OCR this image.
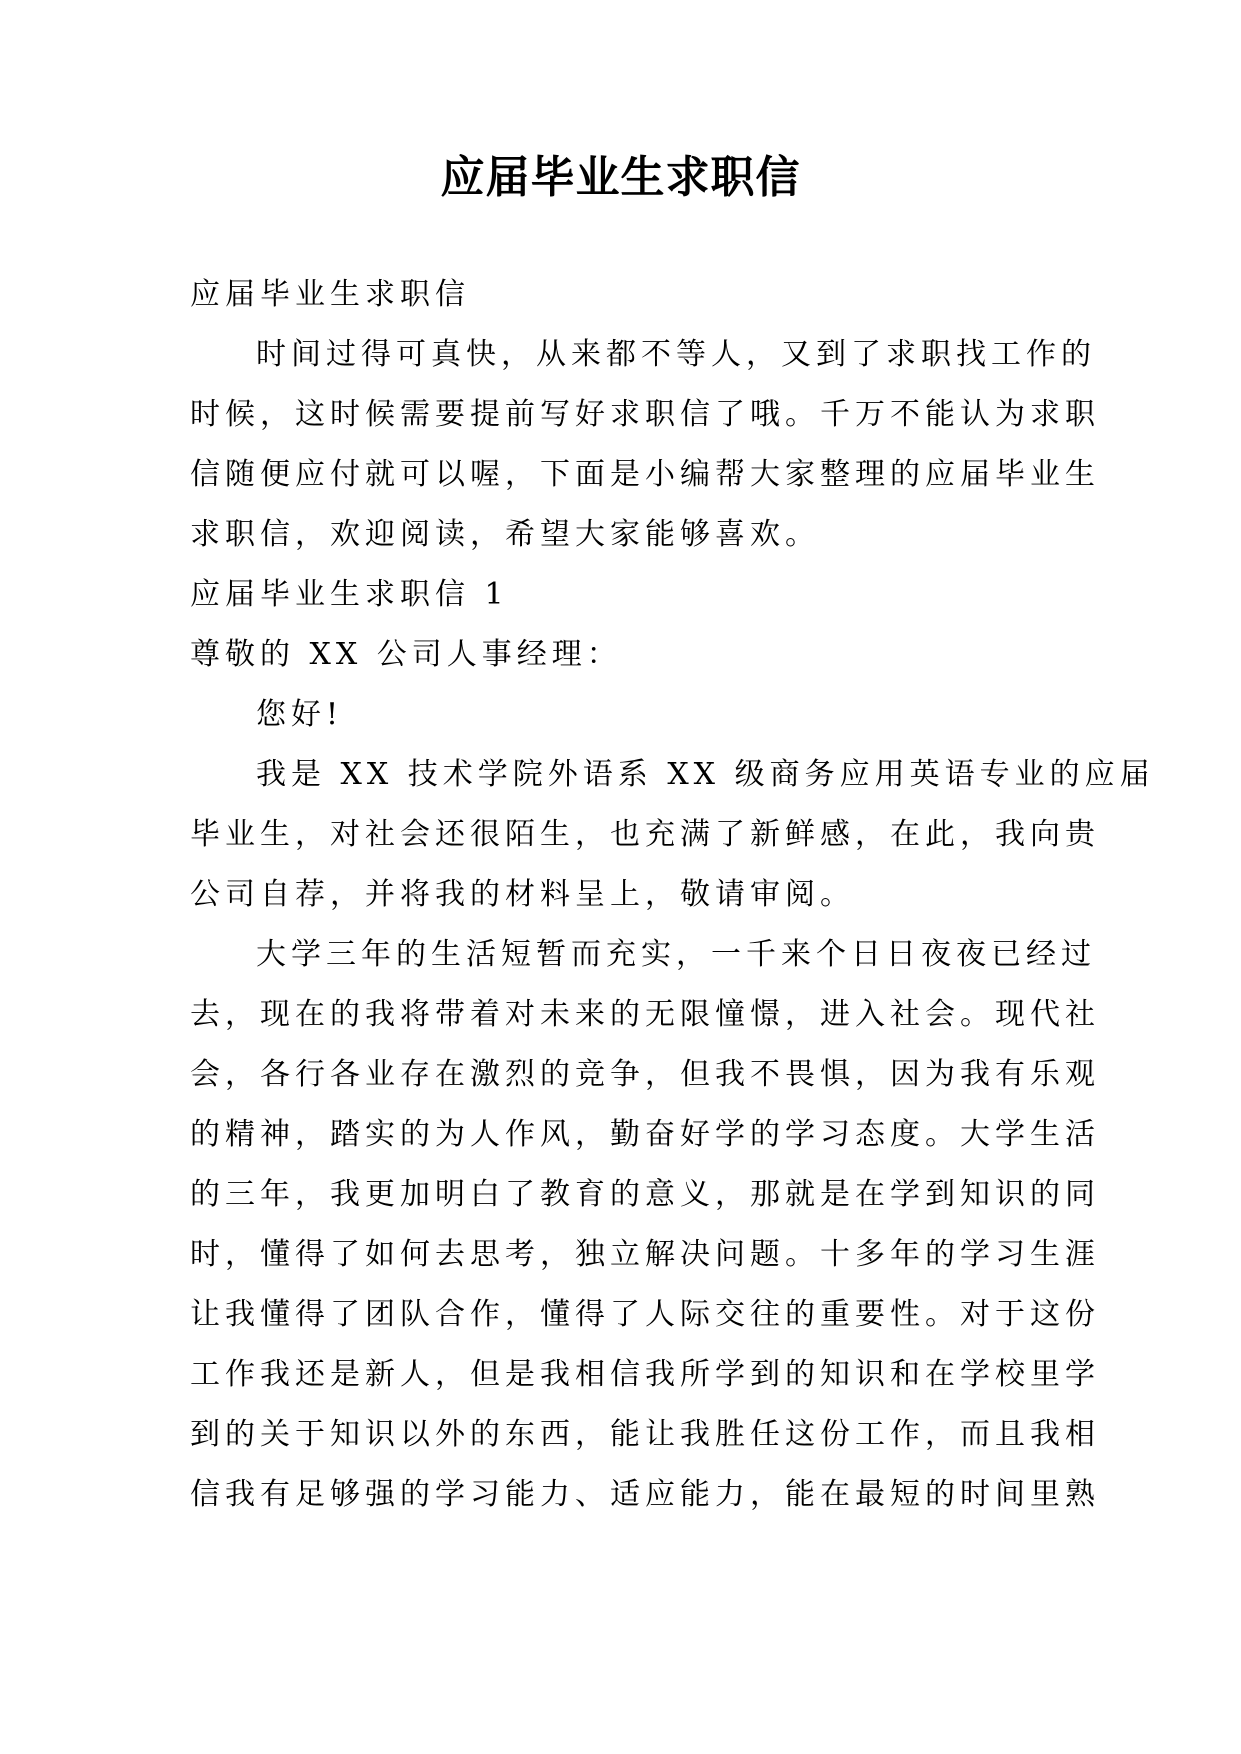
应届毕业生求职信
应届毕业生求职信
时间过得可真快，从来都不等人，又到了求职找工作的
时候，这时候需要提前写好求职信了哦。千万不能认为求职
信随便应付就可以喔，下面是小编帮大家整理的应届毕业生
求职信，欢迎阅读，希望大家能够喜欢。
应届毕业生求职信 1
尊敬的 XX 公司人事经理：
您好!
我是 XX 技术学院外语系 XX 级商务应用英语专业的应届
毕业生，对社会还很陌生，也充满了新鲜感，在此，我向贵
公司自荐，并将我的材料呈上，敬请审阅。
大学三年的生活短暂而充实，一千来个日日夜夜已经过
去，现在的我将带着对未来的无限憧憬，进入社会。现代社
会，各行各业存在激烈的竞争，但我不畏惧，因为我有乐观
的精神，踏实的为人作风，勤奋好学的学习态度。大学生活
的三年，我更加明白了教育的意义，那就是在学到知识的同
时，懂得了如何去思考，独立解决问题。十多年的学习生涯
让我懂得了团队合作，懂得了人际交往的重要性。对于这份
工作我还是新人，但是我相信我所学到的知识和在学校里学
到的关于知识以外的东西，能让我胜任这份工作，而且我相
信我有足够强的学习能力、适应能力，能在最短的时间里熟
